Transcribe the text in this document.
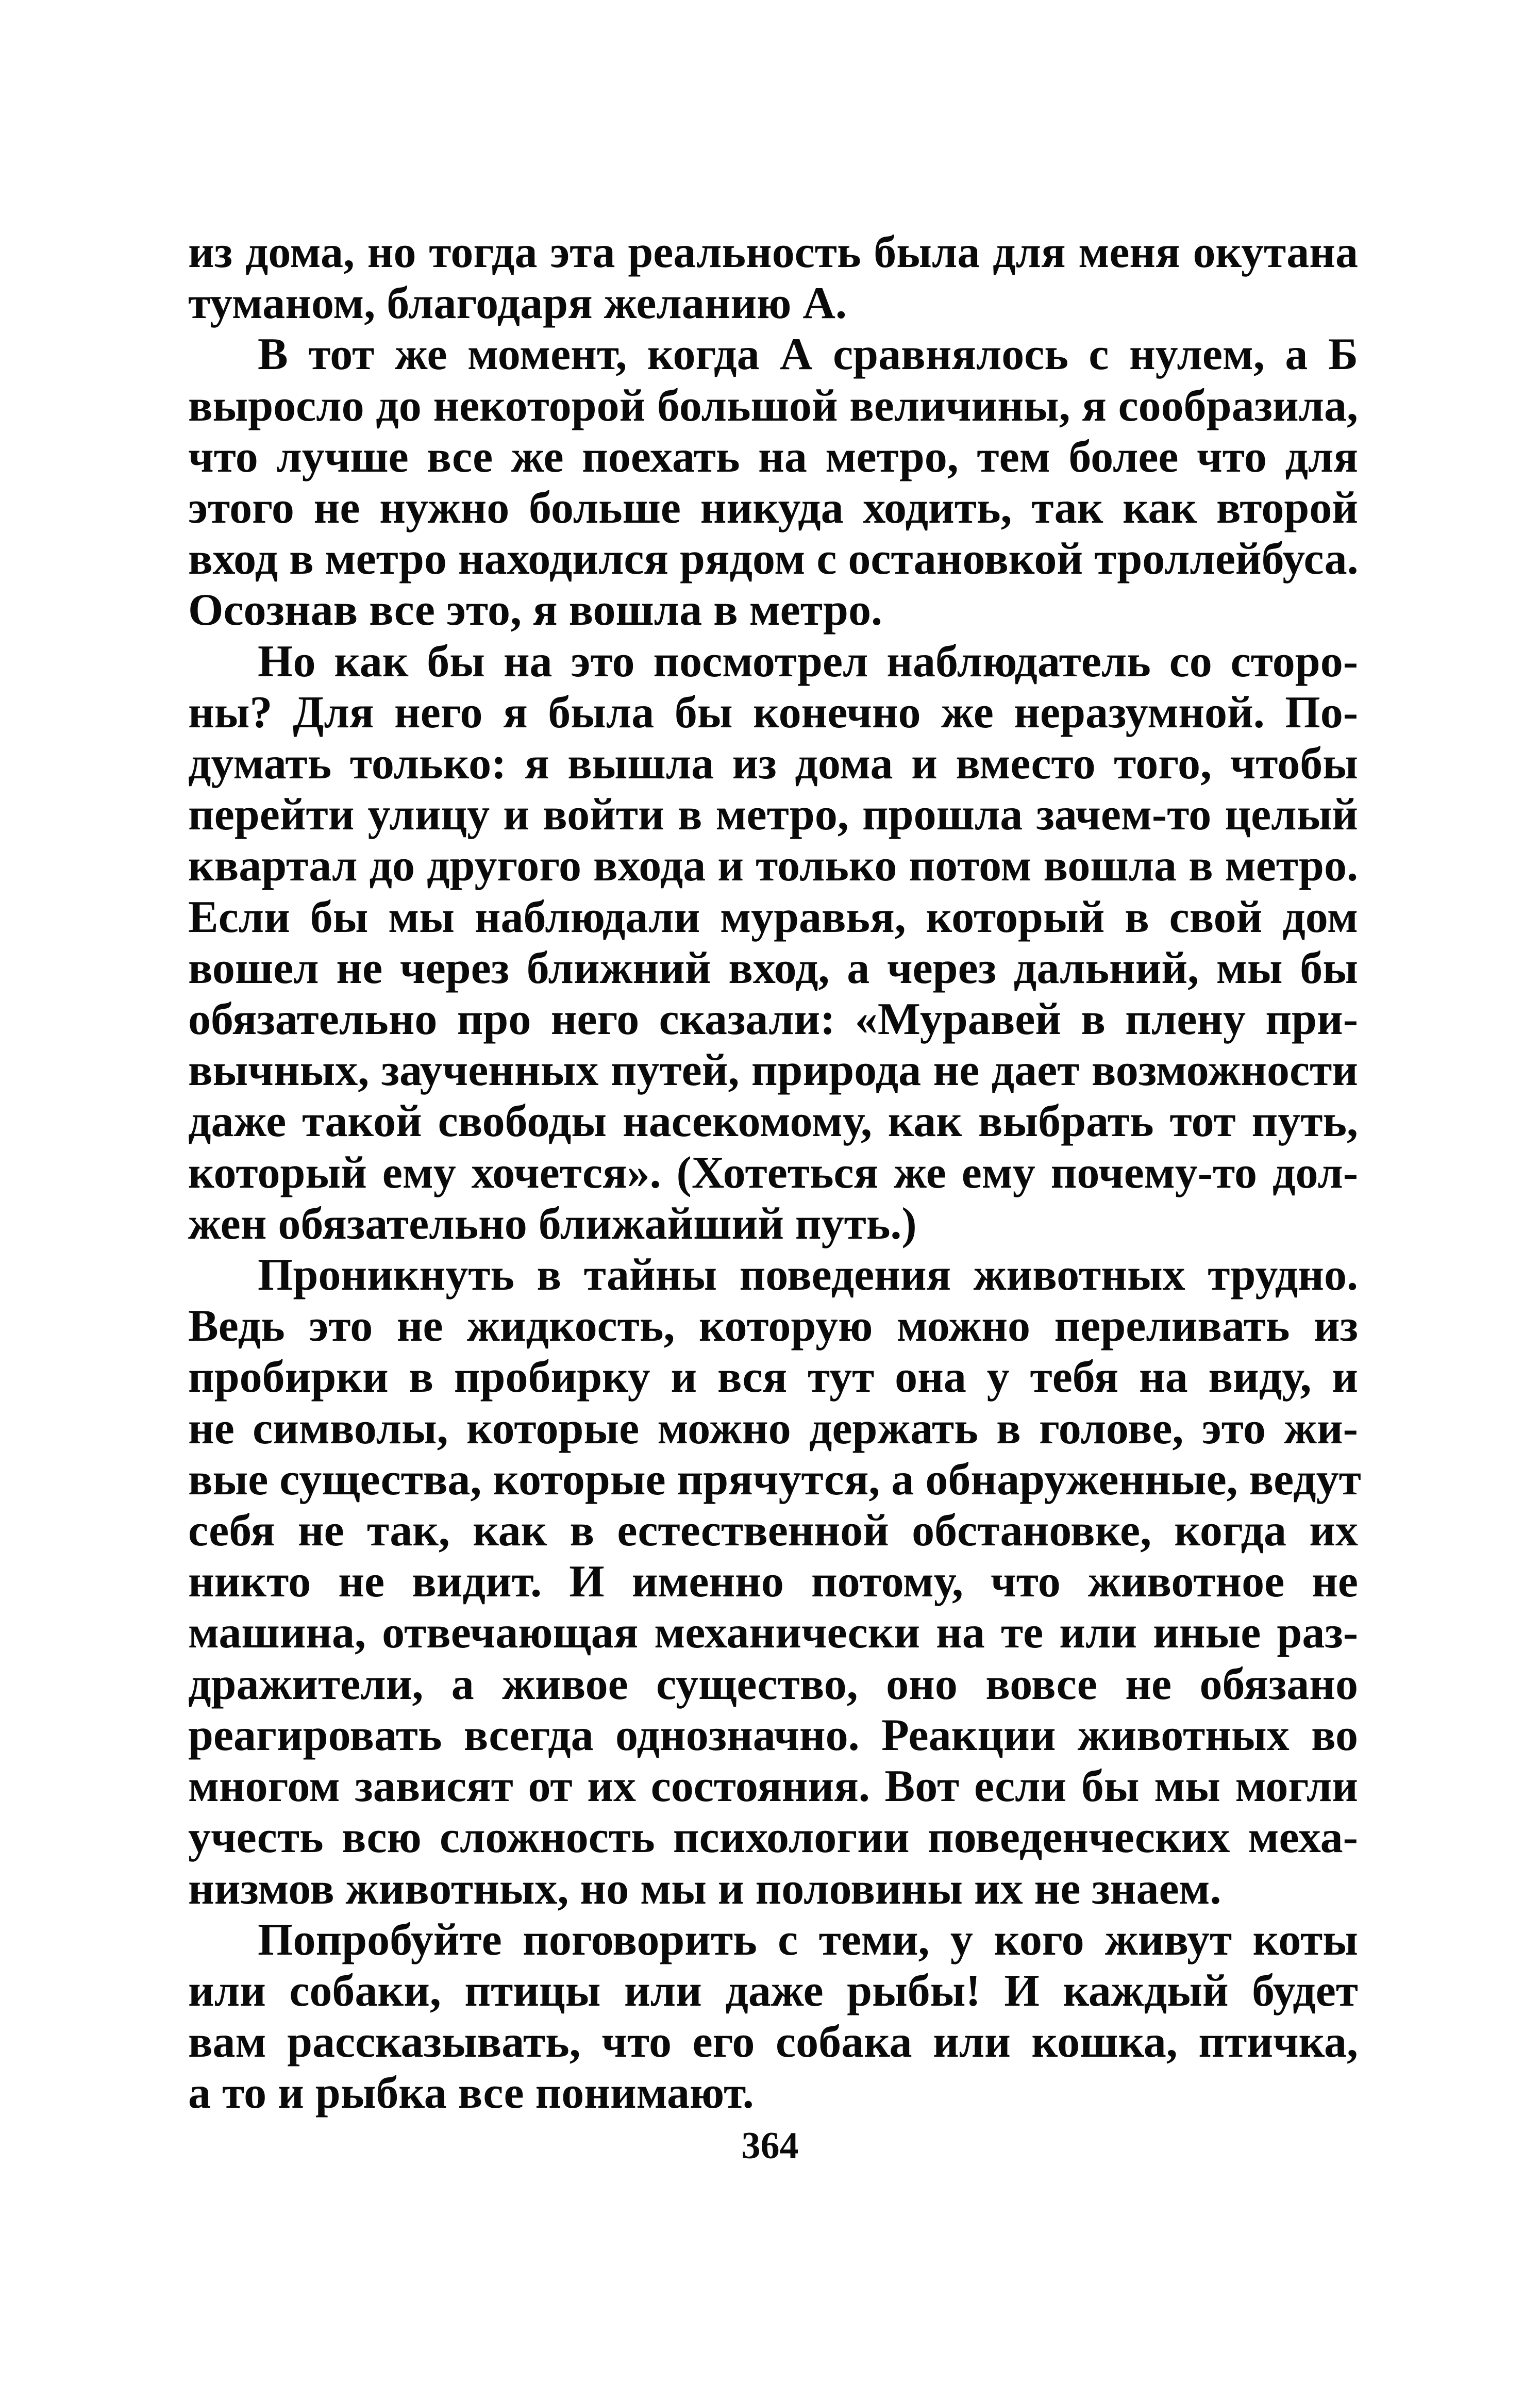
из дома, но тогда эта реальность была для меня окутана
туманом, благодаря желанию А.

В тот же момент, когда А сравнялось с нулем, а Б
выросло до некоторой большой величины, я сообразила,
что лучше все же поехать на метро, тем более что для
этого не нужно больше никуда ходить, так как второй
вход в метро находился рядом с остановкой троллейбуса.
Осознав все это, я вошла в метро.

Но как бы на это посмотрел наблюдатель со сторо-
ны? Для него я была бы конечно же неразумной. По-
думать только: я вышла из дома и вместо того, чтобы
перейти улицу и войти в метро, прошла зачем-то целый
квартал до другого входа и только потом вошла в метро.
Если бы мы наблюдали муравья, который в свой дом
вошел не через ближний вход, а через дальний, мы бы
обязательно про него сказали: «Муравей в плену при-
вычных, заученных путей, природа не дает возможности
даже такой свободы насекомому, как выбрать тот путь,
который ему хочется». (Хотеться же ему почему-то дол-
жен обязательно ближайший путь.)

Проникнуть в тайны поведения животных трудно.
Ведь это не жидкость, которую можно переливать из
пробирки в пробирку и вся тут она у тебя на виду, и
не символы, которые можно держать в голове, это жи-
вые существа, которые прячутся, а обнаруженные, ведут
себя не так, как в естественной обстановке, когда их
никто не видит. И именно потому, что животное не
машина, отвечающая механически на те или иные раз-
дражители, а живое существо, оно вовсе не обязано
реагировать всегда однозначно. Реакции животных во
многом зависят от их состояния. Вот если бы мы могли
учесть всю сложность психологии поведенческих меха-
низмов животных, но мы и половины их не знаем.

Попробуйте поговорить с теми, у кого живут коты
или собаки, птицы или даже рыбы! И каждый будет
вам рассказывать, что его собака или кошка, птичка,
а то и рыбка все понимают.

364
